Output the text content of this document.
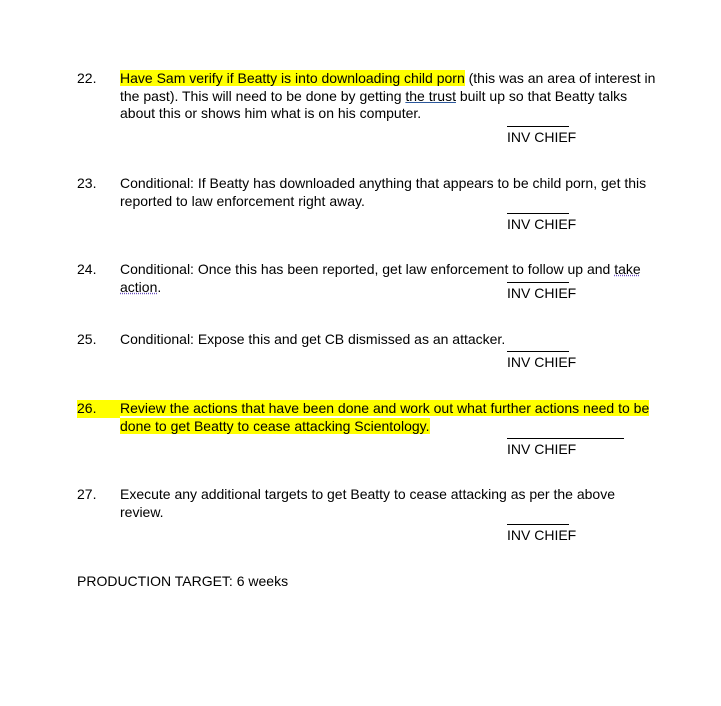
22.	Have Sam verify if Beatty is into downloading child porn (this was an area of interest in the past). This will need to be done by getting the trust built up so that Beatty talks about this or shows him what is on his computer.
INV CHIEF
23.	Conditional: If Beatty has downloaded anything that appears to be child porn, get this reported to law enforcement right away.
INV CHIEF
24.	Conditional: Once this has been reported, get law enforcement to follow up and take action.	INV CHIEF
25.	Conditional: Expose this and get CB dismissed as an attacker.
INV CHIEF
26.	Review the actions that have been done and work out what further actions need to be done to get Beatty to cease attacking Scientology.
INV CHIEF
27.	Execute any additional targets to get Beatty to cease attacking as per the above review.
INV CHIEF
PRODUCTION TARGET: 6 weeks
